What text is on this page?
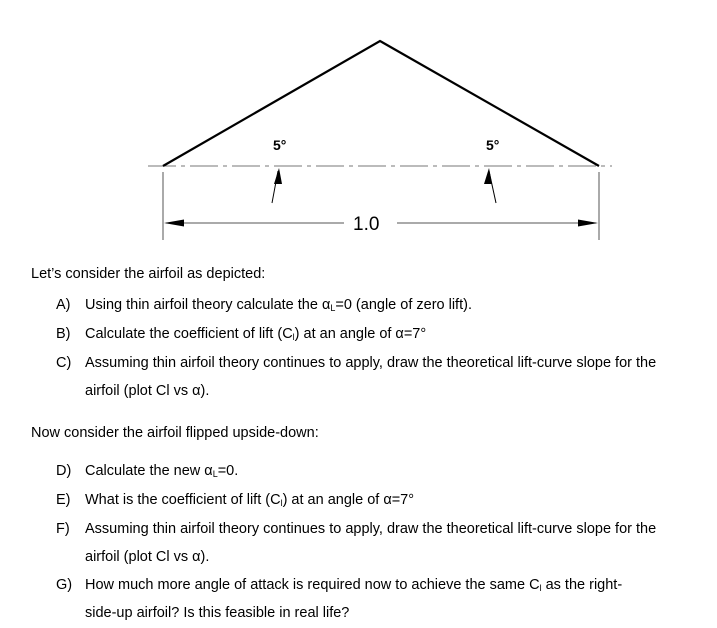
5°	5°
1.0
Let’s consider the airfoil as depicted:
A) Using thin airfoil theory calculate the $\alpha_L=0$ (angle of zero lift).
B) Calculate the coefficient of lift $(C_l)$ at an angle of α=7°
C) Assuming thin airfoil theory continues to apply, draw the theoretical lift-curve slope for the
airfoil (plot Cl vs α).
Now consider the airfoil flipped upside-down:
D) Calculate the new $\alpha_L=0$.
E) What is the coefficient of lift $(C_l)$ at an angle of α=7°
F) Assuming thin airfoil theory continues to apply, draw the theoretical lift-curve slope for the
airfoil (plot Cl vs α).
G) How much more angle of attack is required now to achieve the same $C_l$ as the right-
side-up airfoil? Is this feasible in real life?
